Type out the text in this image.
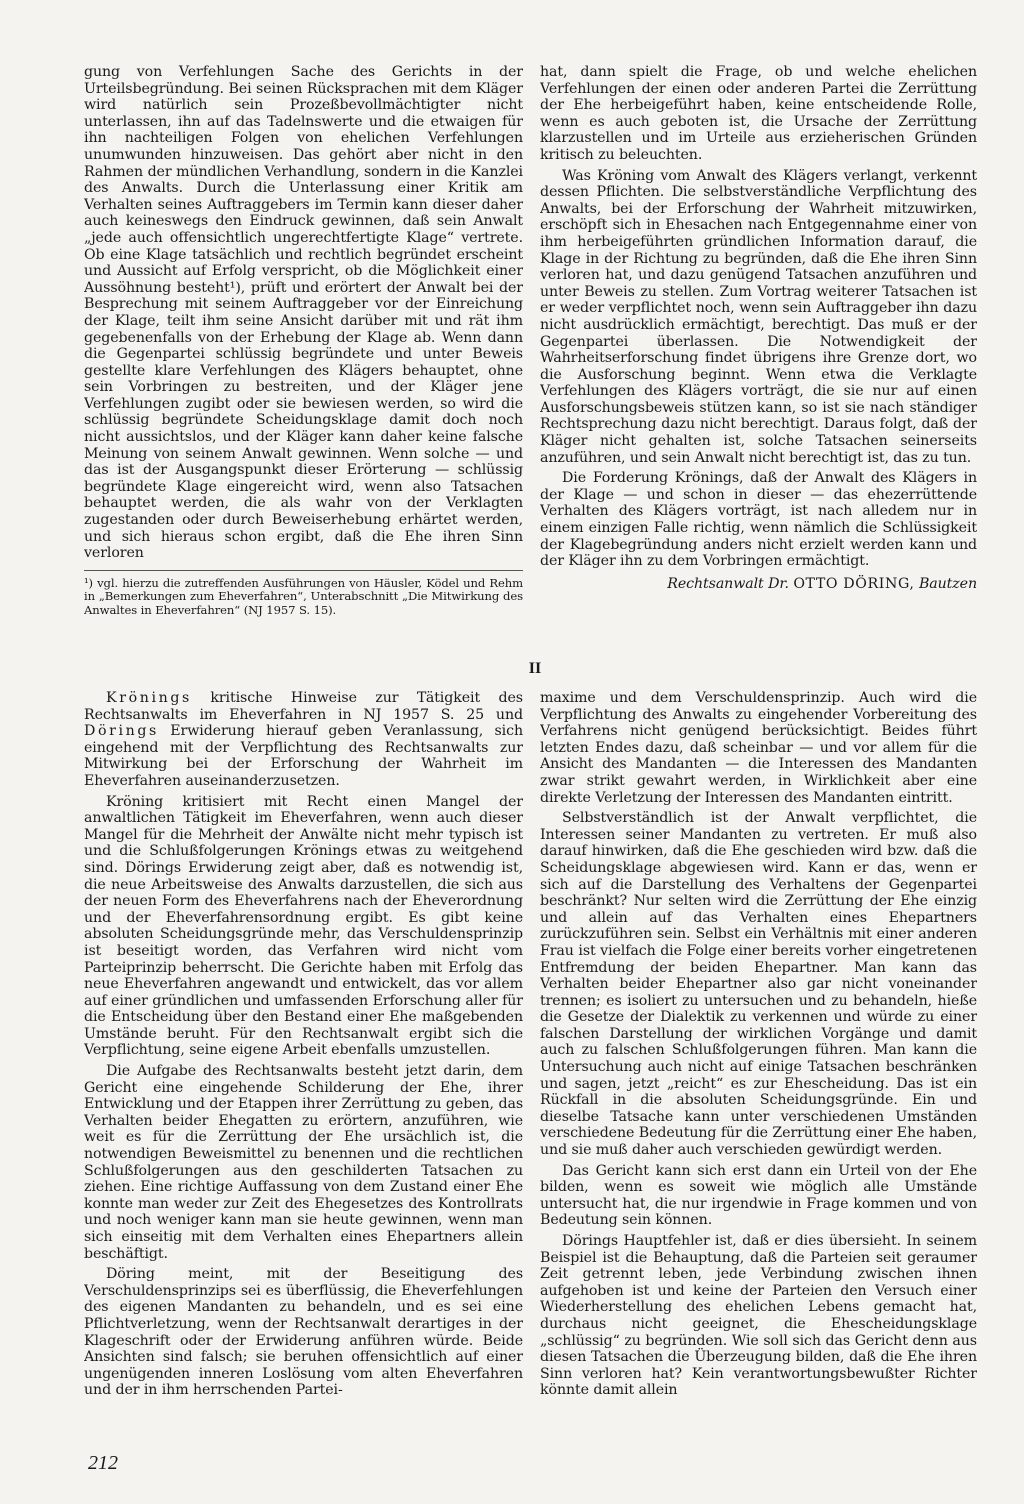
gung von Verfehlungen Sache des Gerichts in der Urteilsbegründung. Bei seinen Rücksprachen mit dem Kläger wird natürlich sein Prozeßbevollmächtigter nicht unterlassen, ihn auf das Tadelnswerte und die etwaigen für ihn nachteiligen Folgen von ehelichen Verfehlungen unumwunden hinzuweisen. Das gehört aber nicht in den Rahmen der mündlichen Verhandlung, sondern in die Kanzlei des Anwalts. Durch die Unterlassung einer Kritik am Verhalten seines Auftraggebers im Termin kann dieser daher auch keineswegs den Eindruck gewinnen, daß sein Anwalt „jede auch offensichtlich ungerechtfertigte Klage“ vertrete. Ob eine Klage tatsächlich und rechtlich begründet erscheint und Aussicht auf Erfolg verspricht, ob die Möglichkeit einer Aussöhnung besteht¹), prüft und erörtert der Anwalt bei der Besprechung mit seinem Auftraggeber vor der Einreichung der Klage, teilt ihm seine Ansicht darüber mit und rät ihm gegebenenfalls von der Erhebung der Klage ab. Wenn dann die Gegenpartei schlüssig begründete und unter Beweis gestellte klare Verfehlungen des Klägers behauptet, ohne sein Vorbringen zu bestreiten, und der Kläger jene Verfehlungen zugibt oder sie bewiesen werden, so wird die schlüssig begründete Scheidungsklage damit doch noch nicht aussichtslos, und der Kläger kann daher keine falsche Meinung von seinem Anwalt gewinnen. Wenn solche — und das ist der Ausgangspunkt dieser Erörterung — schlüssig begründete Klage eingereicht wird, wenn also Tatsachen behauptet werden, die als wahr von der Verklagten zugestanden oder durch Beweiserhebung erhärtet werden, und sich hieraus schon ergibt, daß die Ehe ihren Sinn verloren

¹) vgl. hierzu die zutreffenden Ausführungen von Häusler, Ködel und Rehm in „Bemerkungen zum Eheverfahren“, Unterabschnitt „Die Mitwirkung des Anwaltes in Eheverfahren“ (NJ 1957 S. 15).

hat, dann spielt die Frage, ob und welche ehelichen Verfehlungen der einen oder anderen Partei die Zerrüttung der Ehe herbeigeführt haben, keine entscheidende Rolle, wenn es auch geboten ist, die Ursache der Zerrüttung klarzustellen und im Urteile aus erzieherischen Gründen kritisch zu beleuchten.

Was Kröning vom Anwalt des Klägers verlangt, verkennt dessen Pflichten. Die selbstverständliche Verpflichtung des Anwalts, bei der Erforschung der Wahrheit mitzuwirken, erschöpft sich in Ehesachen nach Entgegennahme einer von ihm herbeigeführten gründlichen Information darauf, die Klage in der Richtung zu begründen, daß die Ehe ihren Sinn verloren hat, und dazu genügend Tatsachen anzuführen und unter Beweis zu stellen. Zum Vortrag weiterer Tatsachen ist er weder verpflichtet noch, wenn sein Auftraggeber ihn dazu nicht ausdrücklich ermächtigt, berechtigt. Das muß er der Gegenpartei überlassen. Die Notwendigkeit der Wahrheitserforschung findet übrigens ihre Grenze dort, wo die Ausforschung beginnt. Wenn etwa die Verklagte Verfehlungen des Klägers vorträgt, die sie nur auf einen Ausforschungsbeweis stützen kann, so ist sie nach ständiger Rechtsprechung dazu nicht berechtigt. Daraus folgt, daß der Kläger nicht gehalten ist, solche Tatsachen seinerseits anzuführen, und sein Anwalt nicht berechtigt ist, das zu tun.

Die Forderung Krönings, daß der Anwalt des Klägers in der Klage — und schon in dieser — das ehezerrüttende Verhalten des Klägers vorträgt, ist nach alledem nur in einem einzigen Falle richtig, wenn nämlich die Schlüssigkeit der Klagebegründung anders nicht erzielt werden kann und der Kläger ihn zu dem Vorbringen ermächtigt.

Rechtsanwalt Dr. OTTO DÖRING, Bautzen
II

Krönings kritische Hinweise zur Tätigkeit des Rechtsanwalts im Eheverfahren in NJ 1957 S. 25 und Dörings Erwiderung hierauf geben Veranlassung, sich eingehend mit der Verpflichtung des Rechtsanwalts zur Mitwirkung bei der Erforschung der Wahrheit im Eheverfahren auseinanderzusetzen.

Kröning kritisiert mit Recht einen Mangel der anwaltlichen Tätigkeit im Eheverfahren, wenn auch dieser Mangel für die Mehrheit der Anwälte nicht mehr typisch ist und die Schlußfolgerungen Krönings etwas zu weitgehend sind. Dörings Erwiderung zeigt aber, daß es notwendig ist, die neue Arbeitsweise des Anwalts darzustellen, die sich aus der neuen Form des Eheverfahrens nach der Eheverordnung und der Eheverfahrensordnung ergibt. Es gibt keine absoluten Scheidungsgründe mehr, das Verschuldensprinzip ist beseitigt worden, das Verfahren wird nicht vom Parteiprinzip beherrscht. Die Gerichte haben mit Erfolg das neue Eheverfahren angewandt und entwickelt, das vor allem auf einer gründlichen und umfassenden Erforschung aller für die Entscheidung über den Bestand einer Ehe maßgebenden Umstände beruht. Für den Rechtsanwalt ergibt sich die Verpflichtung, seine eigene Arbeit ebenfalls umzustellen.

Die Aufgabe des Rechtsanwalts besteht jetzt darin, dem Gericht eine eingehende Schilderung der Ehe, ihrer Entwicklung und der Etappen ihrer Zerrüttung zu geben, das Verhalten beider Ehegatten zu erörtern, anzuführen, wie weit es für die Zerrüttung der Ehe ursächlich ist, die notwendigen Beweismittel zu benennen und die rechtlichen Schlußfolgerungen aus den geschilderten Tatsachen zu ziehen. Eine richtige Auffassung von dem Zustand einer Ehe konnte man weder zur Zeit des Ehegesetzes des Kontrollrats und noch weniger kann man sie heute gewinnen, wenn man sich einseitig mit dem Verhalten eines Ehepartners allein beschäftigt.

Döring meint, mit der Beseitigung des Verschuldensprinzips sei es überflüssig, die Eheverfehlungen des eigenen Mandanten zu behandeln, und es sei eine Pflichtverletzung, wenn der Rechtsanwalt derartiges in der Klageschrift oder der Erwiderung anführen würde. Beide Ansichten sind falsch; sie beruhen offensichtlich auf einer ungenügenden inneren Loslösung vom alten Eheverfahren und der in ihm herrschenden Partei-

maxime und dem Verschuldensprinzip. Auch wird die Verpflichtung des Anwalts zu eingehender Vorbereitung des Verfahrens nicht genügend berücksichtigt. Beides führt letzten Endes dazu, daß scheinbar — und vor allem für die Ansicht des Mandanten — die Interessen des Mandanten zwar strikt gewahrt werden, in Wirklichkeit aber eine direkte Verletzung der Interessen des Mandanten eintritt.

Selbstverständlich ist der Anwalt verpflichtet, die Interessen seiner Mandanten zu vertreten. Er muß also darauf hinwirken, daß die Ehe geschieden wird bzw. daß die Scheidungsklage abgewiesen wird. Kann er das, wenn er sich auf die Darstellung des Verhaltens der Gegenpartei beschränkt? Nur selten wird die Zerrüttung der Ehe einzig und allein auf das Verhalten eines Ehepartners zurückzuführen sein. Selbst ein Verhältnis mit einer anderen Frau ist vielfach die Folge einer bereits vorher eingetretenen Entfremdung der beiden Ehepartner. Man kann das Verhalten beider Ehepartner also gar nicht voneinander trennen; es isoliert zu untersuchen und zu behandeln, hieße die Gesetze der Dialektik zu verkennen und würde zu einer falschen Darstellung der wirklichen Vorgänge und damit auch zu falschen Schlußfolgerungen führen. Man kann die Untersuchung auch nicht auf einige Tatsachen beschränken und sagen, jetzt „reicht“ es zur Ehescheidung. Das ist ein Rückfall in die absoluten Scheidungsgründe. Ein und dieselbe Tatsache kann unter verschiedenen Umständen verschiedene Bedeutung für die Zerrüttung einer Ehe haben, und sie muß daher auch verschieden gewürdigt werden.

Das Gericht kann sich erst dann ein Urteil von der Ehe bilden, wenn es soweit wie möglich alle Umstände untersucht hat, die nur irgendwie in Frage kommen und von Bedeutung sein können.

Dörings Hauptfehler ist, daß er dies übersieht. In seinem Beispiel ist die Behauptung, daß die Parteien seit geraumer Zeit getrennt leben, jede Verbindung zwischen ihnen aufgehoben ist und keine der Parteien den Versuch einer Wiederherstellung des ehelichen Lebens gemacht hat, durchaus nicht geeignet, die Ehescheidungsklage „schlüssig“ zu begründen. Wie soll sich das Gericht denn aus diesen Tatsachen die Überzeugung bilden, daß die Ehe ihren Sinn verloren hat? Kein verantwortungsbewußter Richter könnte damit allein

212
